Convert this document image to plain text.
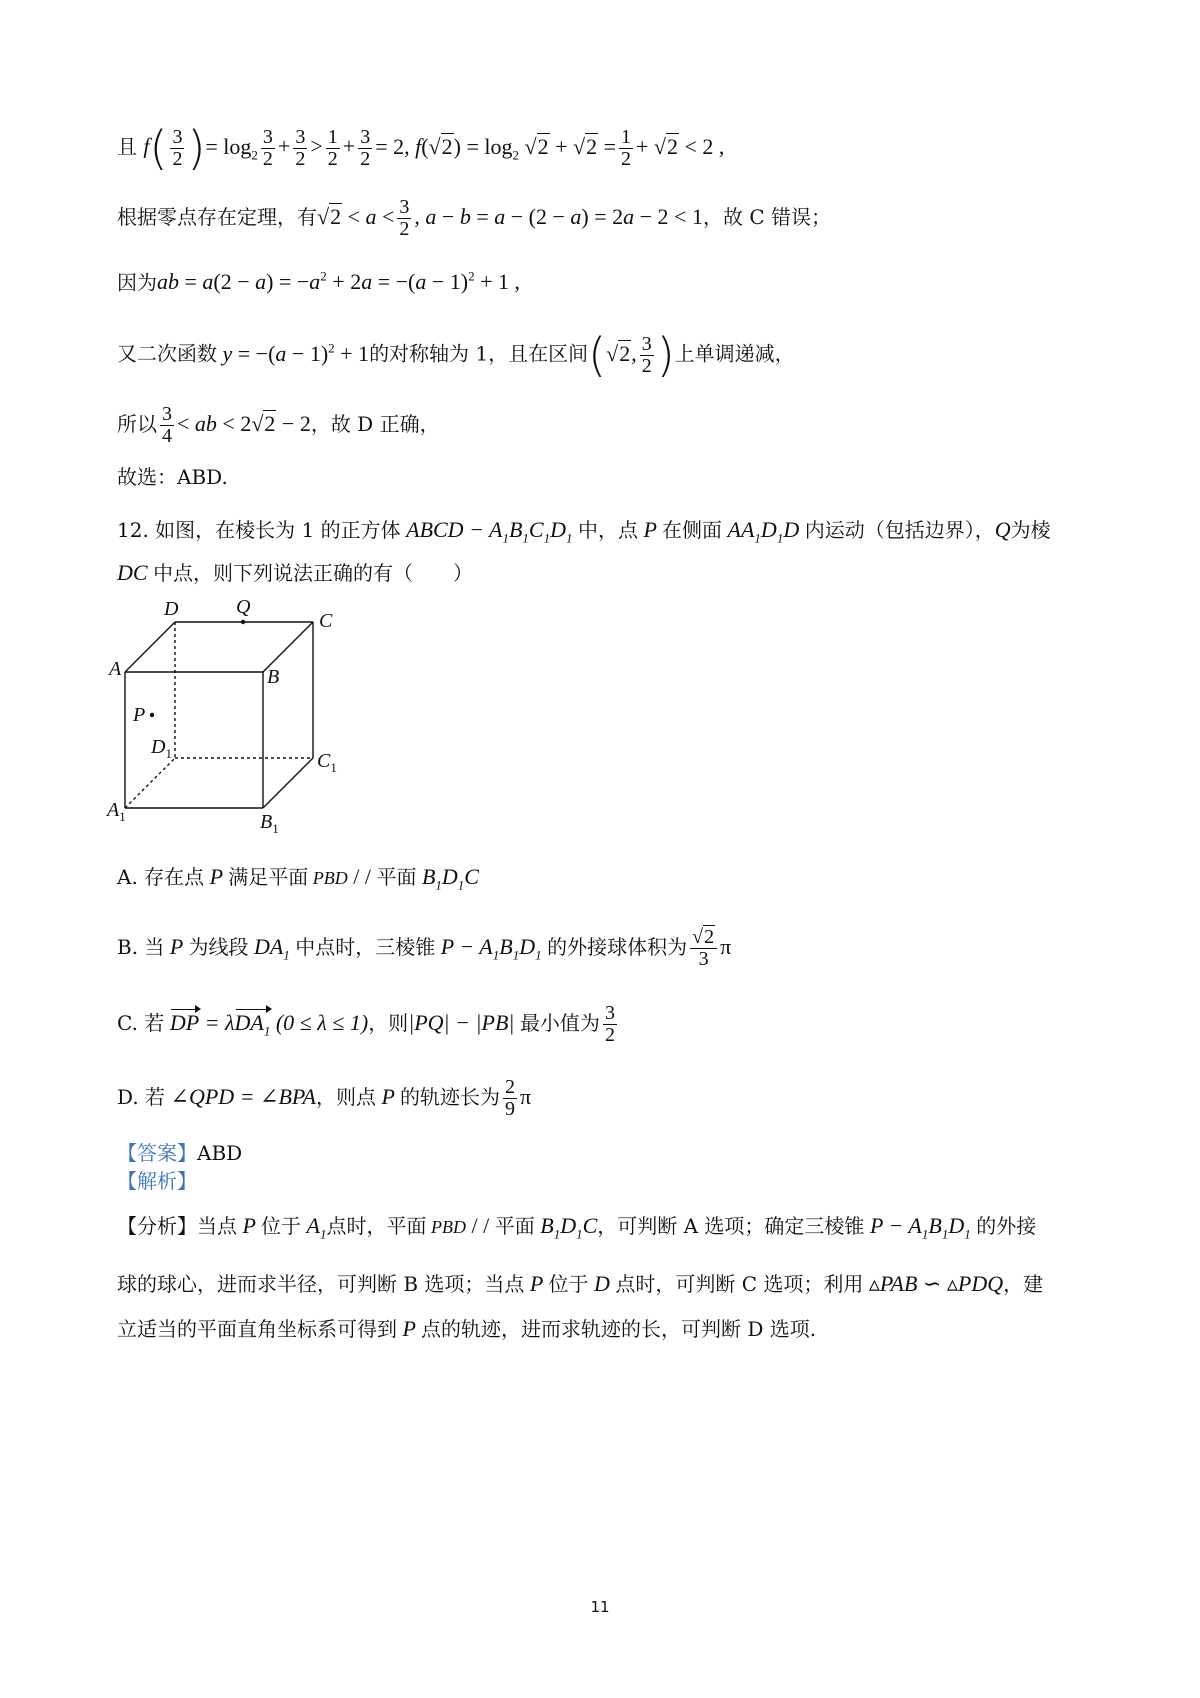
且 $f( \frac{3}{2}$ )= $\log_2 \frac{3}{2} + \frac{3}{2} > \frac{1}{2} + \frac{3}{2} = 2$, $f(√2) = \log_2 √2 + √2 = \frac{1}{2} + √2 < 2$ ,
根据零点存在定理，有$√2 < a < \frac{3}{2}$ , a − b = a − (2 − a) = 2a − 2 < 1，故 C 错误；
因为ab = $a(2 - a) = -a^2 + 2a = -(a - 1)^2 + 1$ ,
又二次函数 $y = -(a - 1)^2 + 1$的对称轴为 1，且在区间(√2, $\frac{3}{2}$ )上单调递减，
所以 $\frac{3}{4}$ < ab < 2√2 − 2，故 D 正确，
故选：ABD.
12. 如图，在棱长为 1 的正方体 ABCD − $A_1B_1C_1D_1$ 中，点 P 在侧面 $AA_1D_1D$ 内运动（包括边界），Q为棱
DC 中点，则下列说法正确的有（　　）
A. 存在点 P 满足平面 PBD / / 平面 $B_1D_1C$
B. 当 P 为线段 $DA_1$ 中点时，三棱锥 $P - A_1B_1D_1$ 的外接球体积为 $\frac{√2}{3}$ π
C. 若 DP = λDA$_1$ (0 ≤ λ ≤ 1)，则|PQ| − |PB| 最小值为 $\frac{3}{2}$
D. 若 ∠QPD = ∠BPA，则点 P 的轨迹长为 $\frac{2}{9}$ π
【答案】ABD
【解析】
【分析】当点 P 位于 $A_1$点时，平面 PBD / / 平面 $B_1D_1C$，可判断 A 选项；确定三棱锥 $P - A_1B_1D_1$ 的外接
球的球心，进而求半径，可判断 B 选项；当点 P 位于 D 点时，可判断 C 选项；利用 ▵PAB ∽ ▵PDQ，建
立适当的平面直角坐标系可得到 P 点的轨迹，进而求轨迹的长，可判断 D 选项.
11
D	Q
C
A	B
P
$D_1$	$C_1$
$A_1$	$B_1$
